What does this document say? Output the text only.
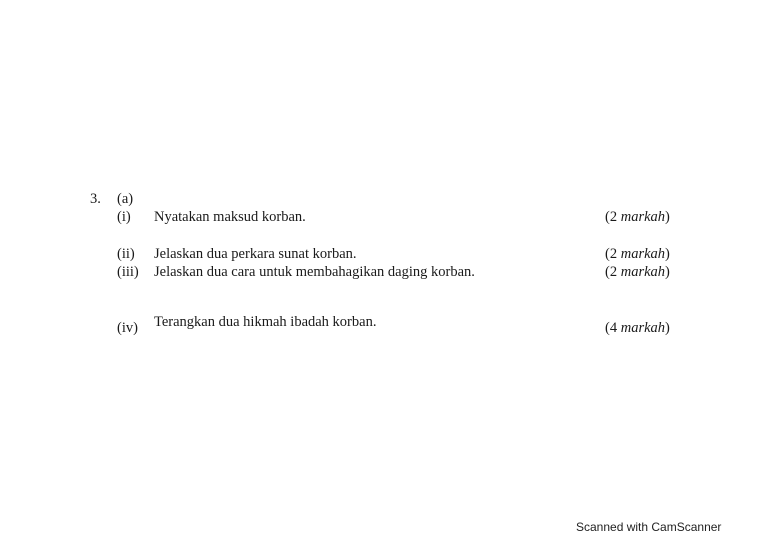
3. (a)
(i) Nyatakan maksud korban.	(2 markah)
(ii) Jelaskan dua perkara sunat korban.	(2 markah)
(iii) Jelaskan dua cara untuk membahagikan daging korban.	(2 markah)
(iv) Terangkan dua hikmah ibadah korban.	(4 markah)
Scanned with CamScanner
